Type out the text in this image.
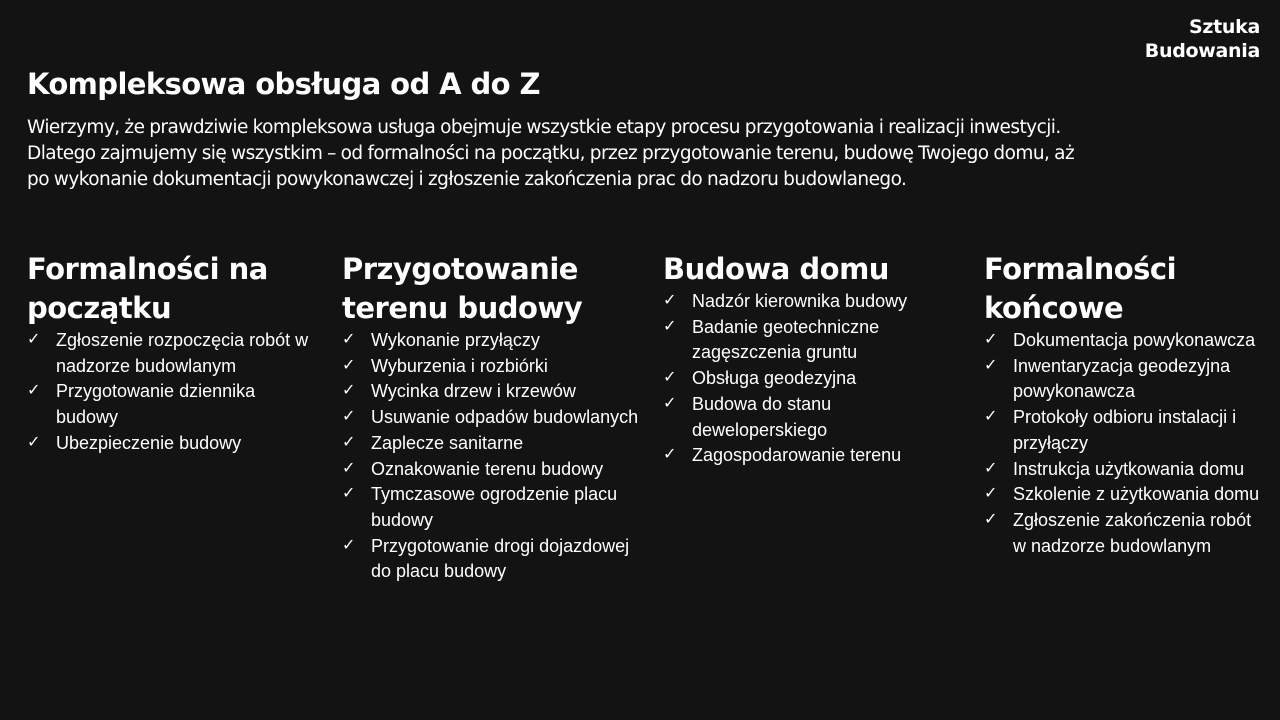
Sztuka
Budowania
Kompleksowa obsługa od A do Z

Wierzymy, że prawdziwie kompleksowa usługa obejmuje wszystkie etapy procesu przygotowania i realizacji inwestycji. Dlatego zajmujemy się wszystkim – od formalności na początku, przez przygotowanie terenu, budowę Twojego domu, aż po wykonanie dokumentacji powykonawczej i zgłoszenie zakończenia prac do nadzoru budowlanego.

Formalności na początku
✓ Zgłoszenie rozpoczęcia robót w nadzorze budowlanym
✓ Przygotowanie dziennika budowy
✓ Ubezpieczenie budowy
Przygotowanie terenu budowy
✓ Wykonanie przyłączy
✓ Wyburzenia i rozbiórki
✓ Wycinka drzew i krzewów
✓ Usuwanie odpadów budowlanych
✓ Zaplecze sanitarne
✓ Oznakowanie terenu budowy
✓ Tymczasowe ogrodzenie placu budowy
✓ Przygotowanie drogi dojazdowej do placu budowy
Budowa domu
✓ Nadzór kierownika budowy
✓ Badanie geotechniczne zagęszczenia gruntu
✓ Obsługa geodezyjna
✓ Budowa do stanu deweloperskiego
✓ Zagospodarowanie terenu
Formalności końcowe
✓ Dokumentacja powykonawcza
✓ Inwentaryzacja geodezyjna powykonawcza
✓ Protokoły odbioru instalacji i przyłączy
✓ Instrukcja użytkowania domu
✓ Szkolenie z użytkowania domu
✓ Zgłoszenie zakończenia robót w nadzorze budowlanym
